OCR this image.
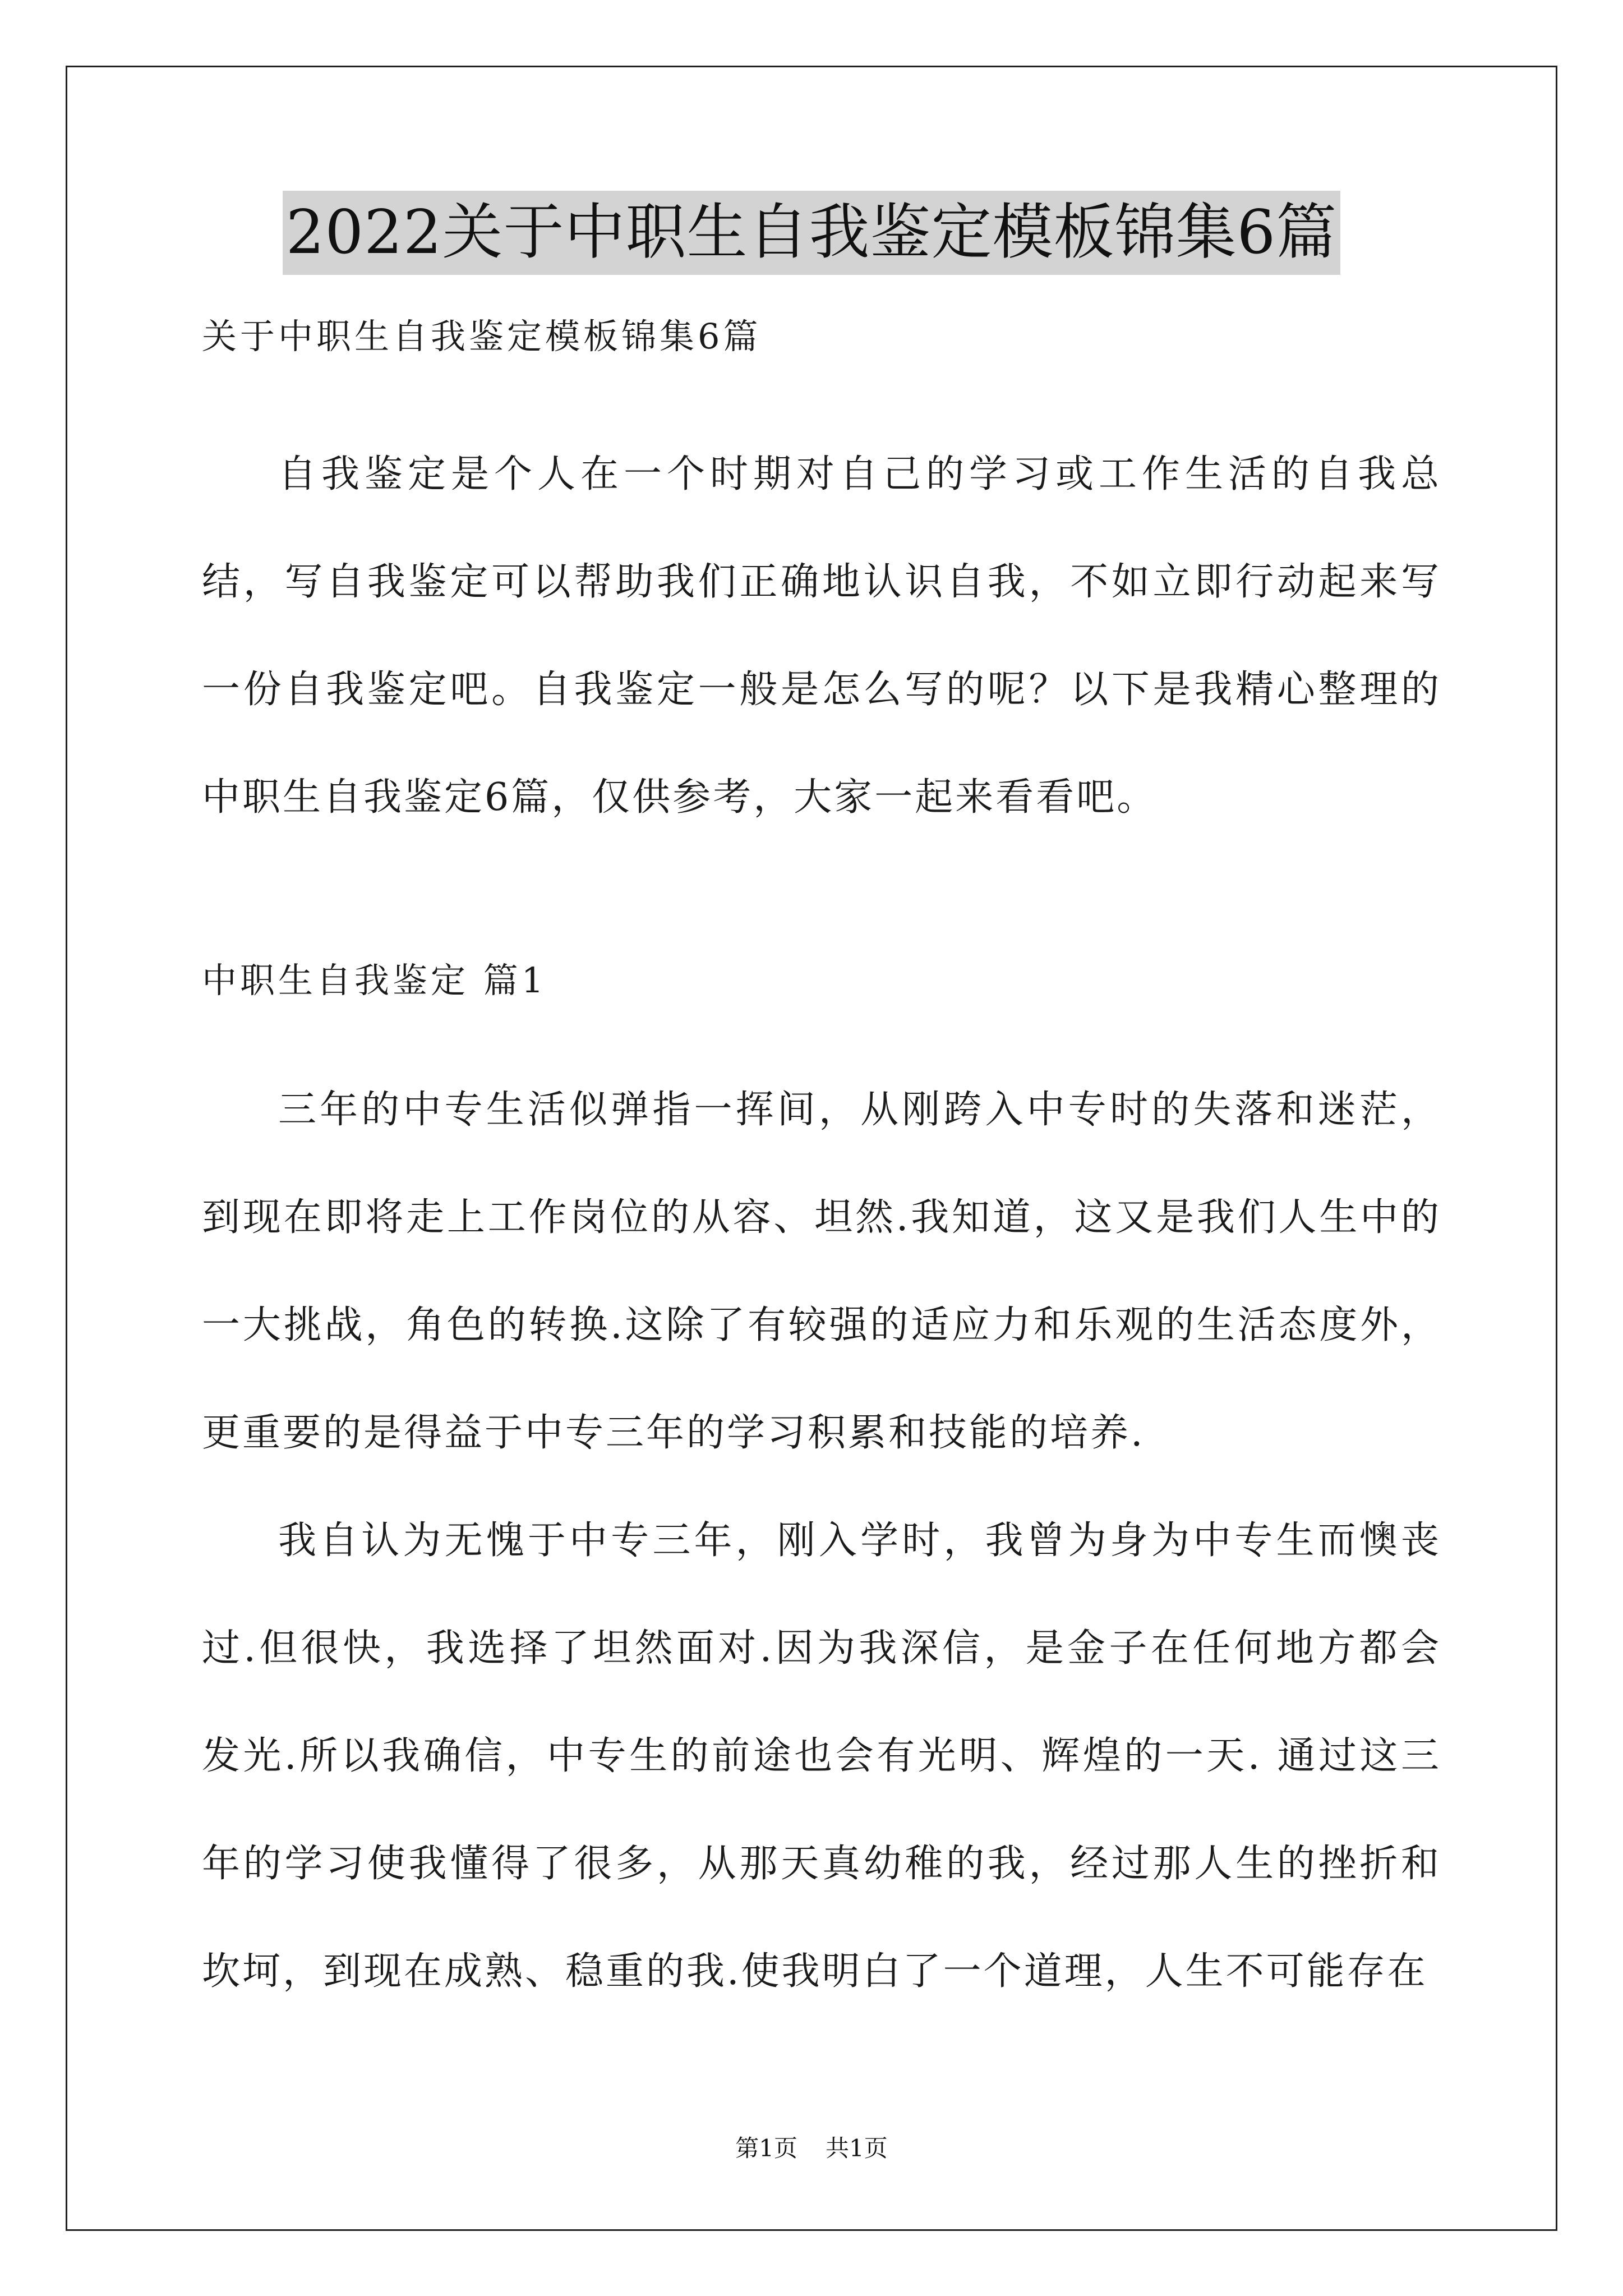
2022关于中职生自我鉴定模板锦集6篇

关于中职生自我鉴定模板锦集6篇

自我鉴定是个人在一个时期对自己的学习或工作生活的自我总结，写自我鉴定可以帮助我们正确地认识自我，不如立即行动起来写一份自我鉴定吧。自我鉴定一般是怎么写的呢？以下是我精心整理的中职生自我鉴定6篇，仅供参考，大家一起来看看吧。

中职生自我鉴定 篇1

三年的中专生活似弹指一挥间，从刚跨入中专时的失落和迷茫，到现在即将走上工作岗位的从容、坦然.我知道，这又是我们人生中的一大挑战，角色的转换.这除了有较强的适应力和乐观的生活态度外，更重要的是得益于中专三年的学习积累和技能的培养.

我自认为无愧于中专三年，刚入学时，我曾为身为中专生而懊丧过.但很快，我选择了坦然面对.因为我深信，是金子在任何地方都会发光.所以我确信，中专生的前途也会有光明、辉煌的一天. 通过这三年的学习使我懂得了很多，从那天真幼稚的我，经过那人生的挫折和坎坷，到现在成熟、稳重的我.使我明白了一个道理，人生不可能存在

第1页 共1页
